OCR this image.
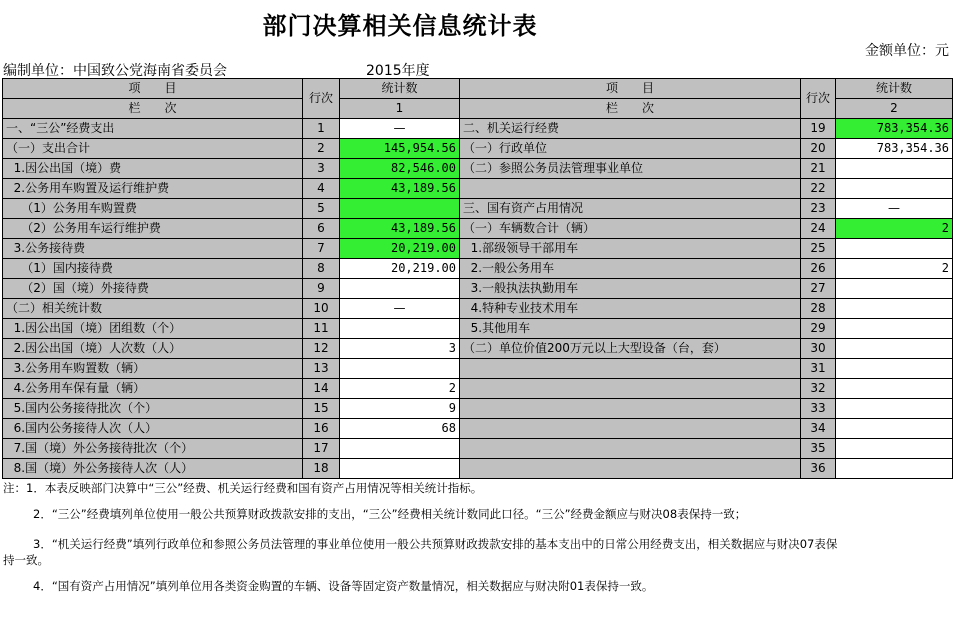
部门决算相关信息统计表
金额单位：元
编制单位：中国致公党海南省委员会	2015年度
项　　目	行次	统计数	项　　目	行次	统计数
栏　　次		1	栏　　次		2
一、“三公”经费支出	1	—	二、机关运行经费	19	783,354.36
（一）支出合计	2	145,954.56	（一）行政单位	20	783,354.36
1.因公出国（境）费	3	82,546.00	（二）参照公务员法管理事业单位	21	
2.公务用车购置及运行维护费	4	43,189.56		22	
（1）公务用车购置费	5		三、国有资产占用情况	23	—
（2）公务用车运行维护费	6	43,189.56	（一）车辆数合计（辆）	24	2
3.公务接待费	7	20,219.00	1.部级领导干部用车	25	
（1）国内接待费	8	20,219.00	2.一般公务用车	26	2
（2）国（境）外接待费	9		3.一般执法执勤用车	27	
（二）相关统计数	10	—	4.特种专业技术用车	28	
1.因公出国（境）团组数（个）	11		5.其他用车	29	
2.因公出国（境）人次数（人）	12	3	（二）单位价值200万元以上大型设备（台，套）	30	
3.公务用车购置数（辆）	13			31	
4.公务用车保有量（辆）	14	2		32	
5.国内公务接待批次（个）	15	9		33	
6.国内公务接待人次（人）	16	68		34	
7.国（境）外公务接待批次（个）	17			35	
8.国（境）外公务接待人次（人）	18			36	

注：1．本表反映部门决算中“三公”经费、机关运行经费和国有资产占用情况等相关统计指标。

2．“三公”经费填列单位使用一般公共预算财政拨款安排的支出，“三公”经费相关统计数同此口径。“三公”经费金额应与财决08表保持一致；

3．“机关运行经费”填列行政单位和参照公务员法管理的事业单位使用一般公共预算财政拨款安排的基本支出中的日常公用经费支出，相关数据应与财决07表保

持一致。

4．“国有资产占用情况”填列单位用各类资金购置的车辆、设备等固定资产数量情况，相关数据应与财决附01表保持一致。
